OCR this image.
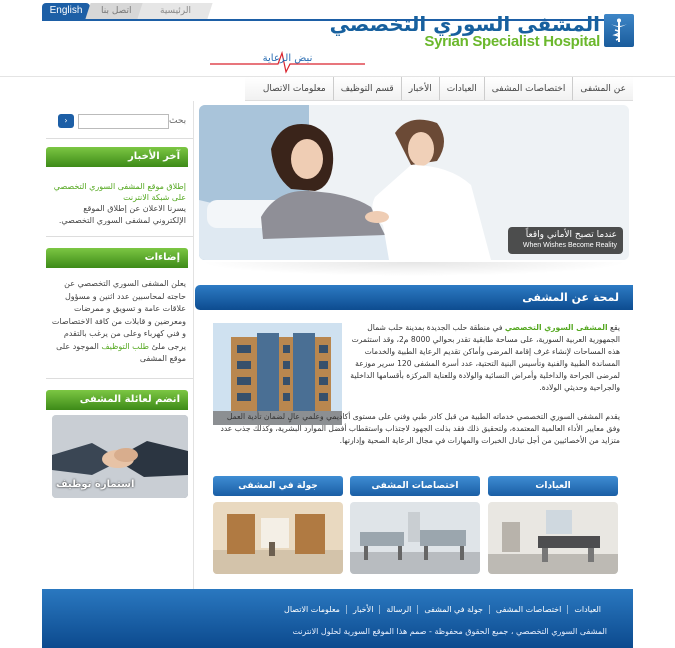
English	اتصل بنا	الرئيسية
المشفى السوري التخصصي
Syrian Specialist Hospital
نبض الرعاية
عن المشفى
اختصاصات المشفى
العيادات
الأخبار
قسم التوظيف
معلومات الاتصال
بحث
›
آخر الأخبار
إطلاق موقع المشفى السوري التخصصي على شبكة الانترنت
يسرنا الاعلان عن إطلاق الموقع الإلكتروني لمشفى السوري التخصصي.
إضاءات
يعلن المشفى السوري التخصصي عن حاجته لمحاسبين عدد اثنين و مسؤول علاقات عامة و تسويق و ممرضات ومعرضين و قابلات من كافة الاختصاصات و فني كهرباء وعلى من يرغب بالتقدم يرجى ملئ طلب التوظيف الموجود على موقع المشفى
انضم لعائلة المشفى
استمارة توظيف
عندما تصبح الأماني واقعاً
When Wishes Become Reality
لمحة عن المشفى
يقع المشفى السوري التخصصي في منطقة حلب الجديدة بمدينة حلب شمال الجمهورية العربية السورية، على مساحة طابقية تقدر بحوالي 8000 م2، وقد استثمرت هذه المساحات لإنشاء غرف إقامة المرضى وأماكن تقديم الرعاية الطبية والخدمات المساندة الطبية والفنية وتأسيس البنية التحتية، عدد أسرة المشفى 120 سرير موزعة لمرضى الجراحة والداخلية وأمراض النسائية والولادة وللعناية المركزة بأقسامها الداخلية والجراحية وحديثي الولادة.
يقدم المشفى السوري التخصصي خدماته الطبية من قبل كادر طبي وفني على مستوى أكاديمي وعلمي عالٍ لضمان تأدية العمل وفق معايير الأداء العالمية المعتمدة، ولتحقيق ذلك فقد بذلت الجهود لاجتذاب واستقطاب أفضل الموارد البشرية، وكذلك جذب عدد متزايد من الأخصائيين من أجل تبادل الخبرات والمهارات في مجال الرعاية الصحية وإدارتها.
العيادات
اختصاصات المشفى
جولة في المشفى
العيادات
اختصاصات المشفى
جولة في المشفى
الرسالة
الأخبار
معلومات الاتصال
المشفى السوري التخصصي ، جميع الحقوق محفوظة - صمم هذا الموقع السورية لحلول الانترنت
